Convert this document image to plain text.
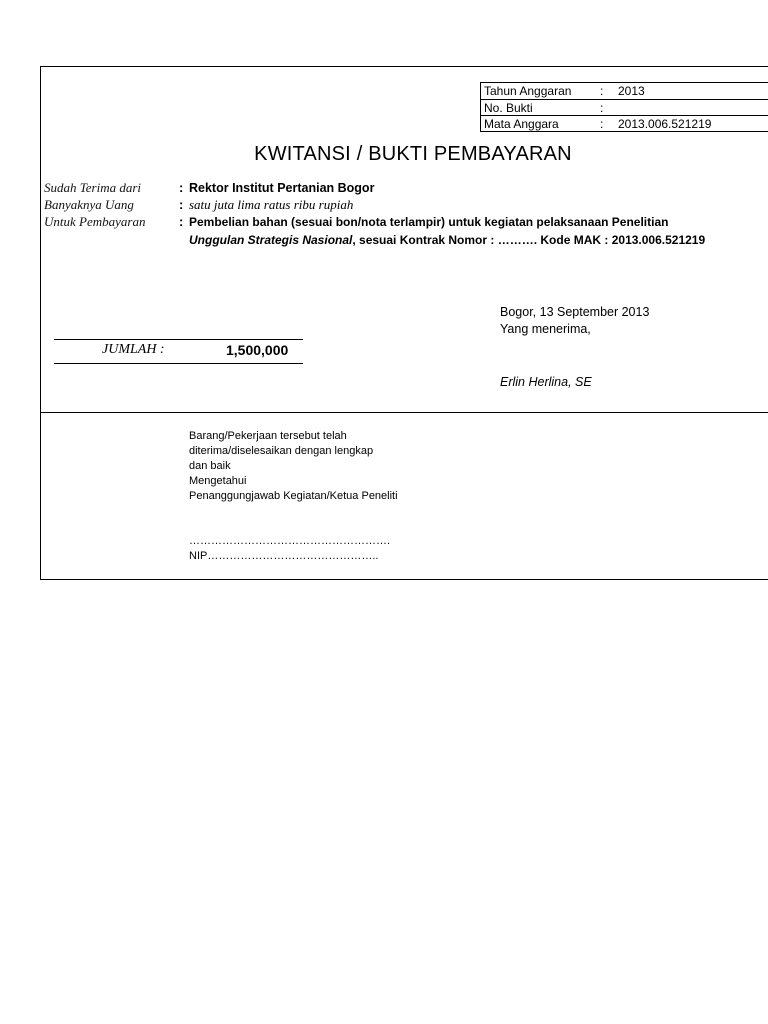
Tahun Anggaran : 2013
No. Bukti	:
Mata Anggara	: 2013.006.521219
KWITANSI / BUKTI PEMBAYARAN
Sudah Terima dari	: Rektor Institut Pertanian Bogor
Banyaknya Uang	: satu juta lima ratus ribu rupiah
Untuk Pembayaran	: Pembelian bahan (sesuai bon/nota terlampir) untuk kegiatan pelaksanaan Penelitian
Unggulan Strategis Nasional, sesuai Kontrak Nomor : ………. Kode MAK : 2013.006.521219
Bogor, 13 September 2013
Yang menerima,
Erlin Herlina, SE
JUMLAH :	1,500,000
Barang/Pekerjaan tersebut telah
diterima/diselesaikan dengan lengkap
dan baik
Mengetahui
Penanggungjawab Kegiatan/Ketua Peneliti
……………………………………………….
NIP………………………………………..
